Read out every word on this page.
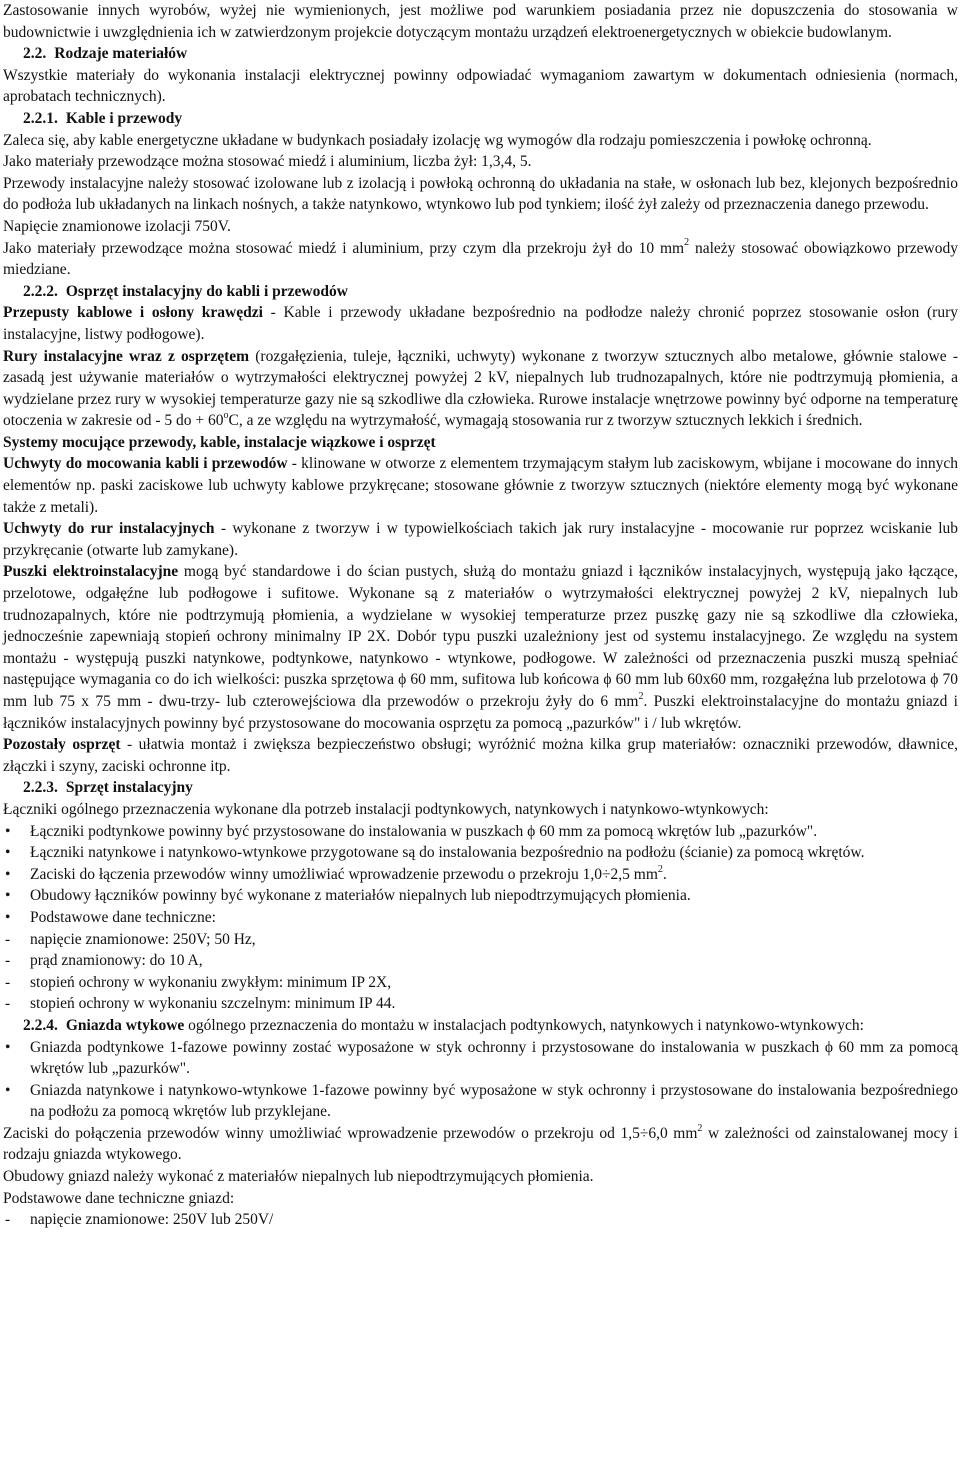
Zastosowanie innych wyrobów, wyżej nie wymienionych, jest możliwe pod warunkiem posiadania przez nie dopuszczenia do stosowania w budownictwie i uwzględnienia ich w zatwierdzonym projekcie dotyczącym montażu urządzeń elektroenergetycznych w obiekcie budowlanym.

2.2. Rodzaje materiałów

Wszystkie materiały do wykonania instalacji elektrycznej powinny odpowiadać wymaganiom zawartym w dokumentach odniesienia (normach, aprobatach technicznych).

2.2.1. Kable i przewody

Zaleca się, aby kable energetyczne układane w budynkach posiadały izolację wg wymogów dla rodzaju pomieszczenia i powłokę ochronną.

Jako materiały przewodzące można stosować miedź i aluminium, liczba żył: 1,3,4, 5.

Przewody instalacyjne należy stosować izolowane lub z izolacją i powłoką ochronną do układania na stałe, w osłonach lub bez, klejonych bezpośrednio do podłoża lub układanych na linkach nośnych, a także natynkowo, wtynkowo lub pod tynkiem; ilość żył zależy od przeznaczenia danego przewodu.

Napięcie znamionowe izolacji 750V.

Jako materiały przewodzące można stosować miedź i aluminium, przy czym dla przekroju żył do 10 $mm^2$ należy stosować obowiązkowo przewody miedziane.

2.2.2. Osprzęt instalacyjny do kabli i przewodów

Przepusty kablowe i osłony krawędzi - Kable i przewody układane bezpośrednio na podłodze należy chronić poprzez stosowanie osłon (rury instalacyjne, listwy podłogowe).

Rury instalacyjne wraz z osprzętem (rozgałęzienia, tuleje, łączniki, uchwyty) wykonane z tworzyw sztucznych albo metalowe, głównie stalowe - zasadą jest używanie materiałów o wytrzymałości elektrycznej powyżej 2 kV, niepalnych lub trudnozapalnych, które nie podtrzymują płomienia, a wydzielane przez rury w wysokiej temperaturze gazy nie są szkodliwe dla człowieka. Rurowe instalacje wnętrzowe powinny być odporne na temperaturę otoczenia w zakresie od - 5 do + $60^oC$, a ze względu na wytrzymałość, wymagają stosowania rur z tworzyw sztucznych lekkich i średnich.

Systemy mocujące przewody, kable, instalacje wiązkowe i osprzęt

Uchwyty do mocowania kabli i przewodów - klinowane w otworze z elementem trzymającym stałym lub zaciskowym, wbijane i mocowane do innych elementów np. paski zaciskowe lub uchwyty kablowe przykręcane; stosowane głównie z tworzyw sztucznych (niektóre elementy mogą być wykonane także z metali).

Uchwyty do rur instalacyjnych - wykonane z tworzyw i w typowielkościach takich jak rury instalacyjne - mocowanie rur poprzez wciskanie lub przykręcanie (otwarte lub zamykane).

Puszki elektroinstalacyjne mogą być standardowe i do ścian pustych, służą do montażu gniazd i łączników instalacyjnych, występują jako łączące, przelotowe, odgałęźne lub podłogowe i sufitowe. Wykonane są z materiałów o wytrzymałości elektrycznej powyżej 2 kV, niepalnych lub trudnozapalnych, które nie podtrzymują płomienia, a wydzielane w wysokiej temperaturze przez puszkę gazy nie są szkodliwe dla człowieka, jednocześnie zapewniają stopień ochrony minimalny IP 2X. Dobór typu puszki uzależniony jest od systemu instalacyjnego. Ze względu na system montażu - występują puszki natynkowe, podtynkowe, natynkowo - wtynkowe, podłogowe. W zależności od przeznaczenia puszki muszą spełniać następujące wymagania co do ich wielkości: puszka sprzętowa ϕ 60 mm, sufitowa lub końcowa ϕ 60 mm lub 60x60 mm, rozgałęźna lub przelotowa ϕ 70 mm lub 75 x 75 mm - dwu-trzy- lub czterowejściowa dla przewodów o przekroju żyły do 6 $mm^2$. Puszki elektroinstalacyjne do montażu gniazd i łączników instalacyjnych powinny być przystosowane do mocowania osprzętu za pomocą „pazurków" i / lub wkrętów.

Pozostały osprzęt - ułatwia montaż i zwiększa bezpieczeństwo obsługi; wyróżnić można kilka grup materiałów: oznaczniki przewodów, dławnice, złączki i szyny, zaciski ochronne itp.

2.2.3. Sprzęt instalacyjny

Łączniki ogólnego przeznaczenia wykonane dla potrzeb instalacji podtynkowych, natynkowych i natynkowo-wtynkowych:

• Łączniki podtynkowe powinny być przystosowane do instalowania w puszkach ϕ 60 mm za pomocą wkrętów lub „pazurków".

• Łączniki natynkowe i natynkowo-wtynkowe przygotowane są do instalowania bezpośrednio na podłożu (ścianie) za pomocą wkrętów.

• Zaciski do łączenia przewodów winny umożliwiać wprowadzenie przewodu o przekroju 1,0÷2,5 $mm^2$.

• Obudowy łączników powinny być wykonane z materiałów niepalnych lub niepodtrzymujących płomienia.

• Podstawowe dane techniczne:

- napięcie znamionowe: 250V; 50 Hz,

- prąd znamionowy: do 10 A,

- stopień ochrony w wykonaniu zwykłym: minimum IP 2X,

- stopień ochrony w wykonaniu szczelnym: minimum IP 44.

2.2.4. Gniazda wtykowe ogólnego przeznaczenia do montażu w instalacjach podtynkowych, natynkowych i natynkowo-wtynkowych:

• Gniazda podtynkowe 1-fazowe powinny zostać wyposażone w styk ochronny i przystosowane do instalowania w puszkach ϕ 60 mm za pomocą wkrętów lub „pazurków".

• Gniazda natynkowe i natynkowo-wtynkowe 1-fazowe powinny być wyposażone w styk ochronny i przystosowane do instalowania bezpośredniego na podłożu za pomocą wkrętów lub przyklejane.

Zaciski do połączenia przewodów winny umożliwiać wprowadzenie przewodów o przekroju od 1,5÷6,0 $mm^2$ w zależności od zainstalowanej mocy i rodzaju gniazda wtykowego.

Obudowy gniazd należy wykonać z materiałów niepalnych lub niepodtrzymujących płomienia.

Podstawowe dane techniczne gniazd:

- napięcie znamionowe: 250V lub 250V/
